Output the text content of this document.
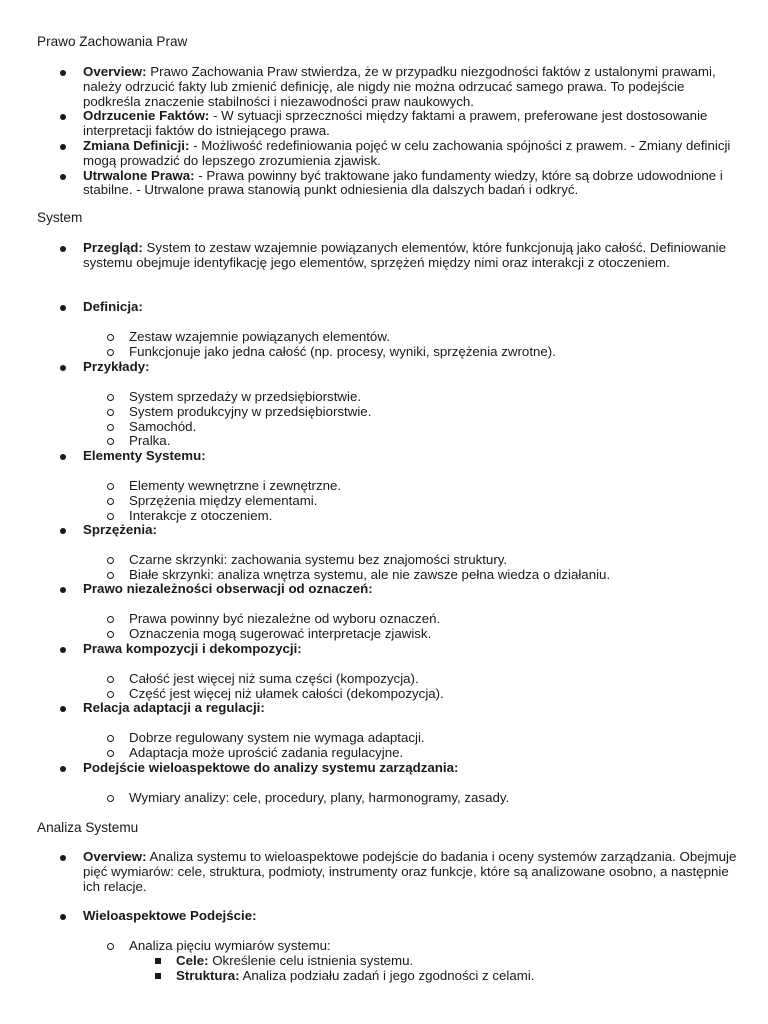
Prawo Zachowania Praw
Overview: Prawo Zachowania Praw stwierdza, że w przypadku niezgodności faktów z ustalonymi prawami, należy odrzucić fakty lub zmienić definicję, ale nigdy nie można odrzucać samego prawa. To podejście podkreśla znaczenie stabilności i niezawodności praw naukowych.
Odrzucenie Faktów: - W sytuacji sprzeczności między faktami a prawem, preferowane jest dostosowanie interpretacji faktów do istniejącego prawa.
Zmiana Definicji: - Możliwość redefiniowania pojęć w celu zachowania spójności z prawem. - Zmiany definicji mogą prowadzić do lepszego zrozumienia zjawisk.
Utrwalone Prawa: - Prawa powinny być traktowane jako fundamenty wiedzy, które są dobrze udowodnione i stabilne. - Utrwalone prawa stanowią punkt odniesienia dla dalszych badań i odkryć.
System
Przegląd: System to zestaw wzajemnie powiązanych elementów, które funkcjonują jako całość. Definiowanie systemu obejmuje identyfikację jego elementów, sprzężeń między nimi oraz interakcji z otoczeniem.
Definicja:
Zestaw wzajemnie powiązanych elementów.
Funkcjonuje jako jedna całość (np. procesy, wyniki, sprzężenia zwrotne).
Przykłady:
System sprzedaży w przedsiębiorstwie.
System produkcyjny w przedsiębiorstwie.
Samochód.
Pralka.
Elementy Systemu:
Elementy wewnętrzne i zewnętrzne.
Sprzężenia między elementami.
Interakcje z otoczeniem.
Sprzężenia:
Czarne skrzynki: zachowania systemu bez znajomości struktury.
Białe skrzynki: analiza wnętrza systemu, ale nie zawsze pełna wiedza o działaniu.
Prawo niezależności obserwacji od oznaczeń:
Prawa powinny być niezależne od wyboru oznaczeń.
Oznaczenia mogą sugerować interpretacje zjawisk.
Prawa kompozycji i dekompozycji:
Całość jest więcej niż suma części (kompozycja).
Część jest więcej niż ułamek całości (dekompozycja).
Relacja adaptacji a regulacji:
Dobrze regulowany system nie wymaga adaptacji.
Adaptacja może uprościć zadania regulacyjne.
Podejście wieloaspektowe do analizy systemu zarządzania:
Wymiary analizy: cele, procedury, plany, harmonogramy, zasady.
Analiza Systemu
Overview: Analiza systemu to wieloaspektowe podejście do badania i oceny systemów zarządzania. Obejmuje pięć wymiarów: cele, struktura, podmioty, instrumenty oraz funkcje, które są analizowane osobno, a następnie ich relacje.
Wieloaspektowe Podejście:
Analiza pięciu wymiarów systemu:
Cele: Określenie celu istnienia systemu.
Struktura: Analiza podziału zadań i jego zgodności z celami.
